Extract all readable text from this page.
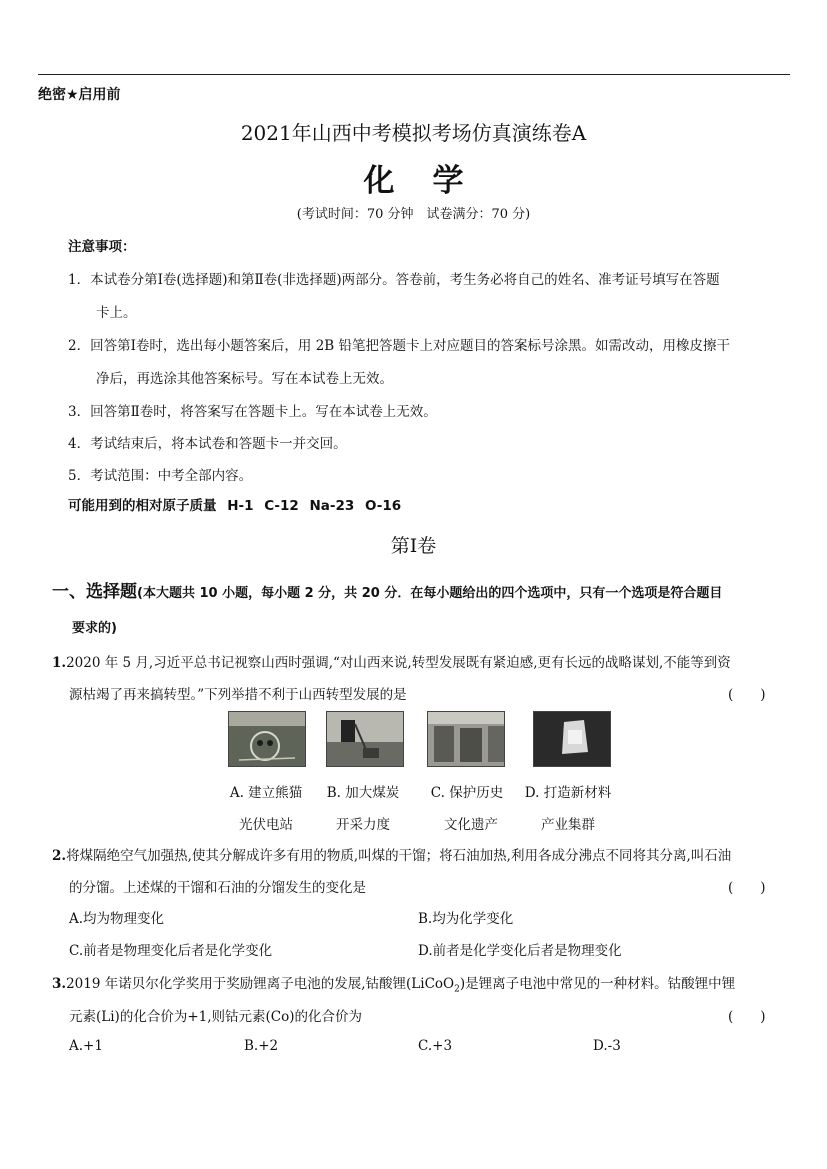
绝密★启用前
2021年山西中考模拟考场仿真演练卷A
化学
(考试时间：70 分钟　试卷满分：70 分)
注意事项：
1．本试卷分第Ⅰ卷(选择题)和第Ⅱ卷(非选择题)两部分。答卷前，考生务必将自己的姓名、准考证号填写在答题
卡上。
2．回答第Ⅰ卷时，选出每小题答案后，用 2B 铅笔把答题卡上对应题目的答案标号涂黑。如需改动，用橡皮擦干
净后，再选涂其他答案标号。写在本试卷上无效。
3．回答第Ⅱ卷时，将答案写在答题卡上。写在本试卷上无效。
4．考试结束后，将本试卷和答题卡一并交回。
5．考试范围：中考全部内容。
可能用到的相对原子质量 H-1 C-12 Na-23 O-16
第Ⅰ卷
一、选择题(本大题共 10 小题，每小题 2 分，共 20 分．在每小题给出的四个选项中，只有一个选项是符合题目
要求的)
1.2020 年 5 月,习近平总书记视察山西时强调,“对山西来说,转型发展既有紧迫感,更有长远的战略谋划,不能等到资
源枯竭了再来搞转型。”下列举措不利于山西转型发展的是	(　　)
A. 建立熊猫
光伏电站
B. 加大煤炭
开采力度
C. 保护历史
文化遗产
D. 打造新材料
产业集群
2.将煤隔绝空气加强热,使其分解成许多有用的物质,叫煤的干馏；将石油加热,利用各成分沸点不同将其分离,叫石油
的分馏。上述煤的干馏和石油的分馏发生的变化是	(　　)
A.均为物理变化	B.均为化学变化
C.前者是物理变化后者是化学变化	D.前者是化学变化后者是物理变化
3.2019 年诺贝尔化学奖用于奖励锂离子电池的发展,钴酸锂(LiCoO$_2$)是锂离子电池中常见的一种材料。钴酸锂中锂
元素(Li)的化合价为+1,则钴元素(Co)的化合价为	(　　)
A.+1	B.+2	C.+3	D.-3
